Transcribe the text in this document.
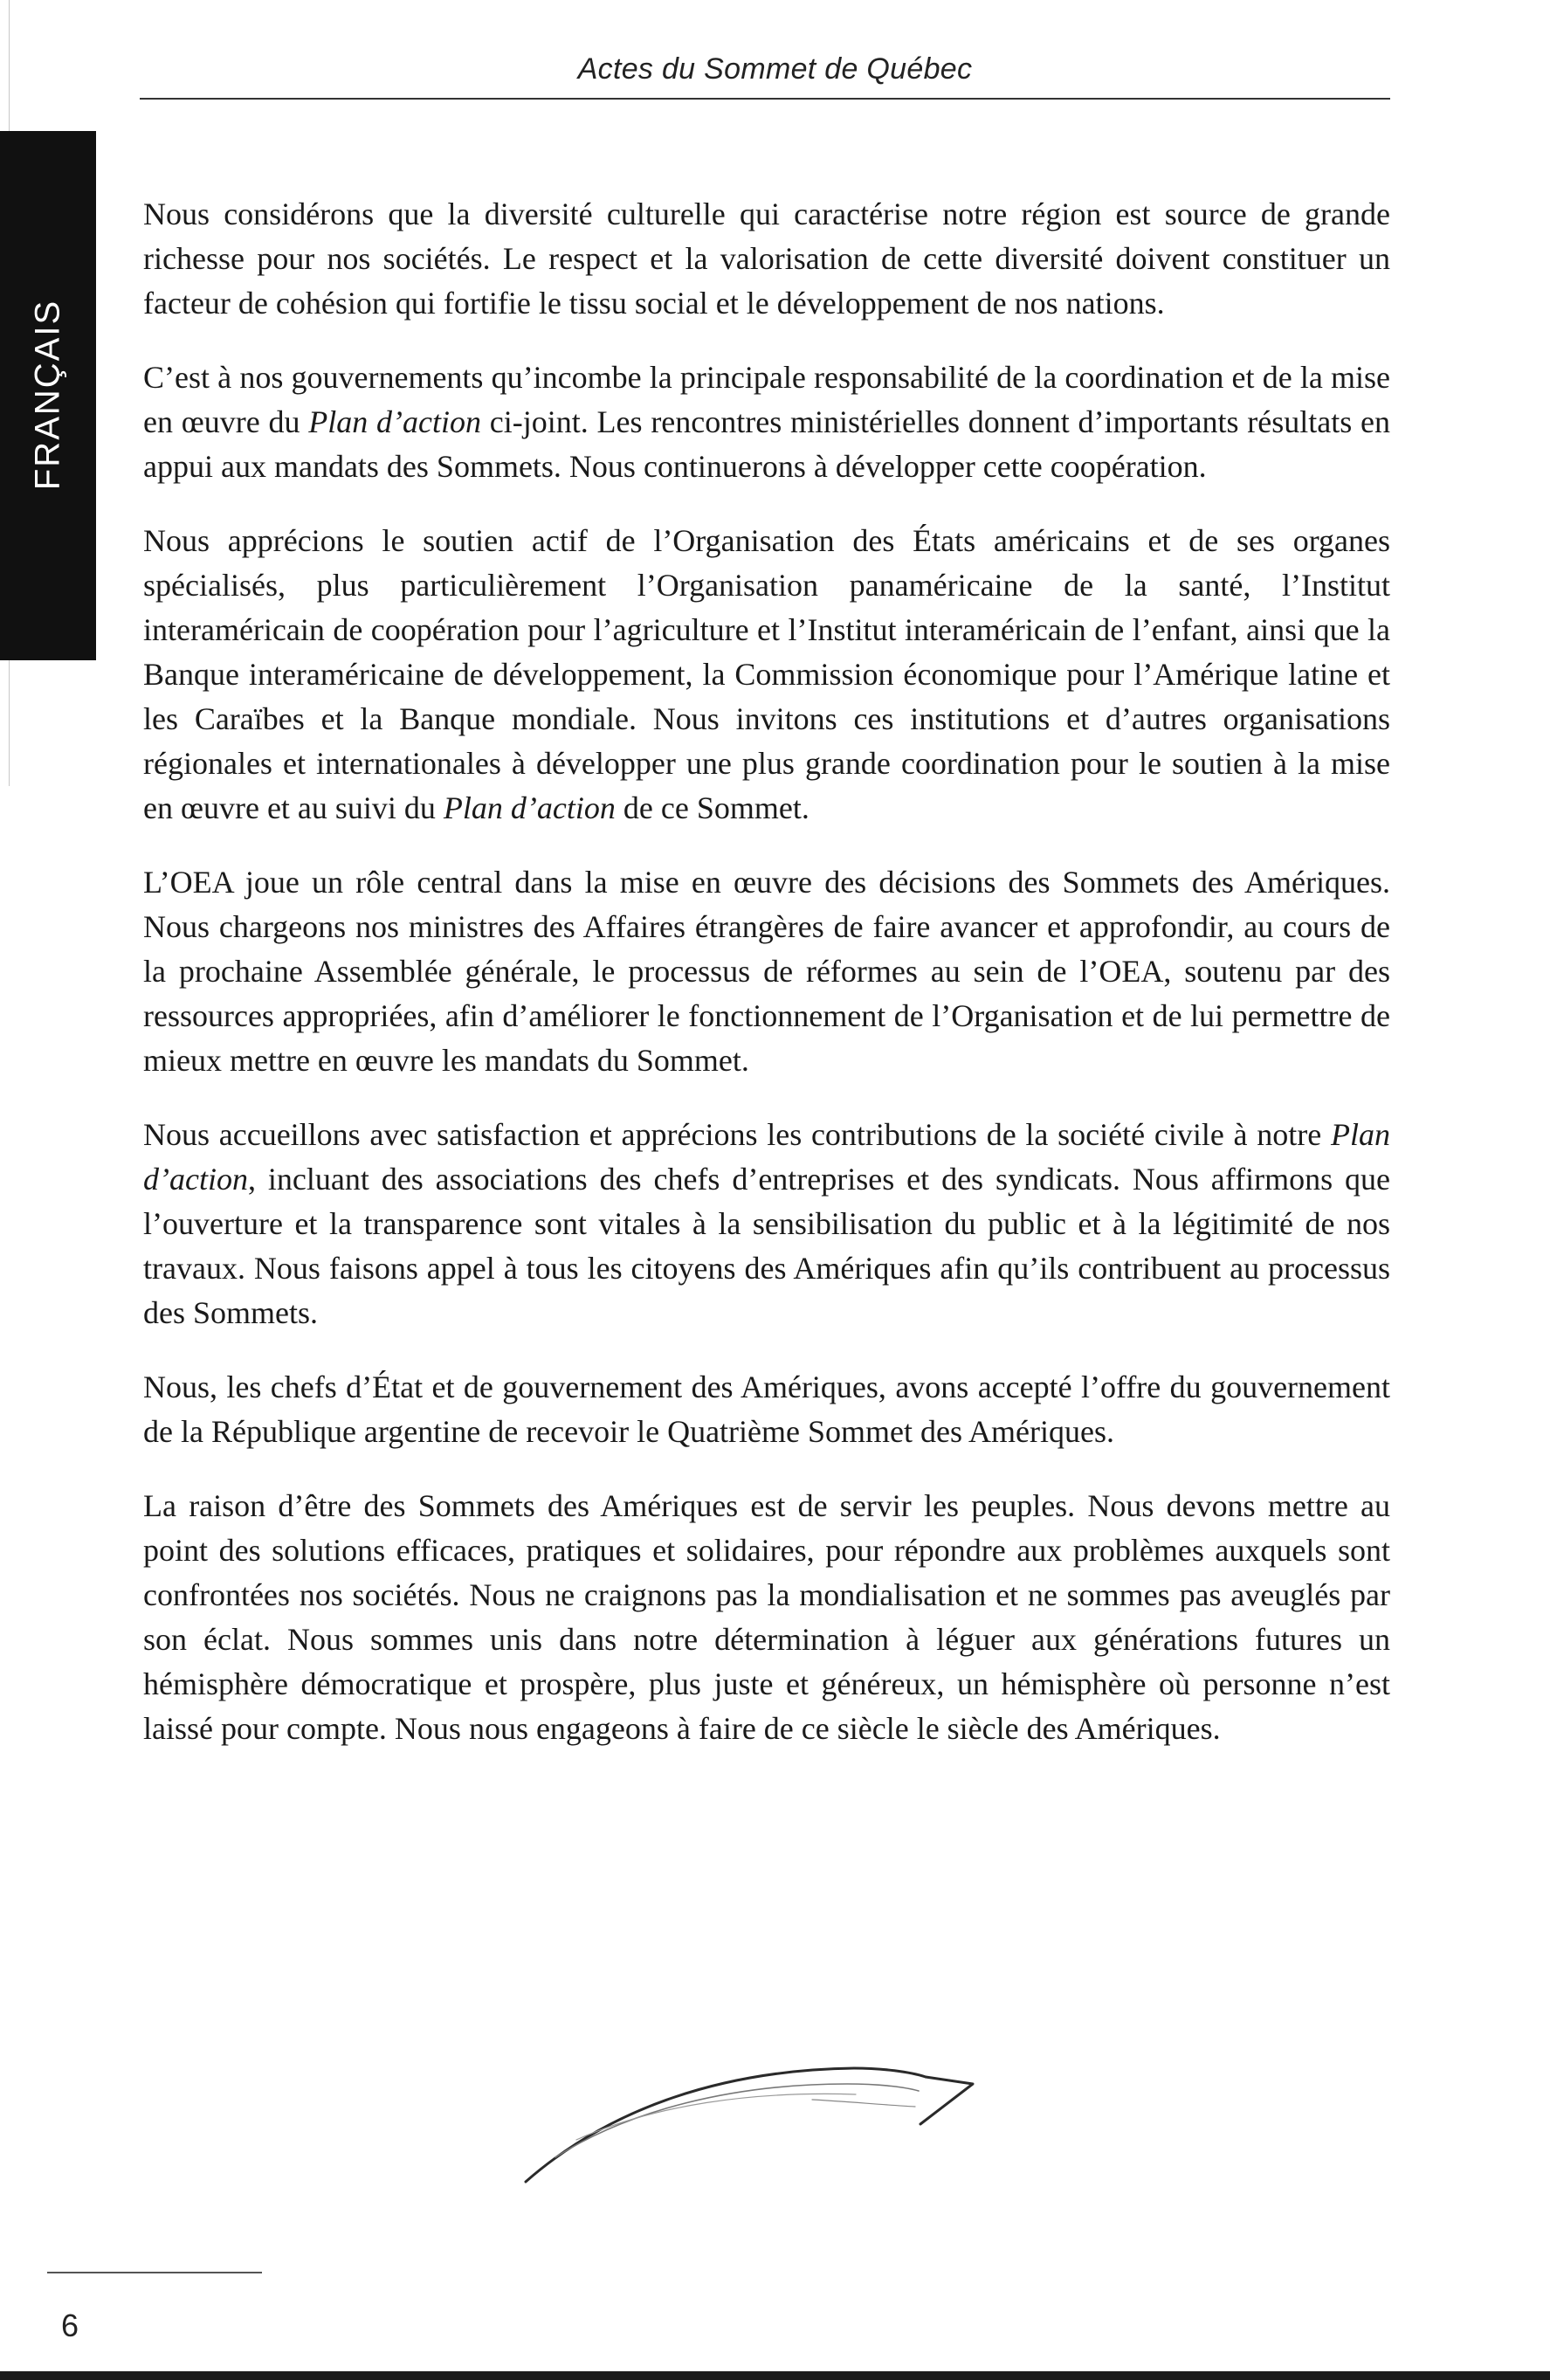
Actes du Sommet de Québec
FRANÇAIS

Nous considérons que la diversité culturelle qui caractérise notre région est source de grande richesse pour nos sociétés. Le respect et la valorisation de cette diversité doivent constituer un facteur de cohésion qui fortifie le tissu social et le développement de nos nations.

C’est à nos gouvernements qu’incombe la principale responsabilité de la coordination et de la mise en œuvre du Plan d’action ci-joint. Les rencontres ministérielles donnent d’importants résultats en appui aux mandats des Sommets. Nous continuerons à développer cette coopération.

Nous apprécions le soutien actif de l’Organisation des États américains et de ses organes spécialisés, plus particulièrement l’Organisation panaméricaine de la santé, l’Institut interaméricain de coopération pour l’agriculture et l’Institut interaméricain de l’enfant, ainsi que la Banque interaméricaine de développement, la Commission économique pour l’Amérique latine et les Caraïbes et la Banque mondiale. Nous invitons ces institutions et d’autres organisations régionales et internationales à développer une plus grande coordination pour le soutien à la mise en œuvre et au suivi du Plan d’action de ce Sommet.

L’OEA joue un rôle central dans la mise en œuvre des décisions des Sommets des Amériques. Nous chargeons nos ministres des Affaires étrangères de faire avancer et approfondir, au cours de la prochaine Assemblée générale, le processus de réformes au sein de l’OEA, soutenu par des ressources appropriées, afin d’améliorer le fonctionnement de l’Organisation et de lui permettre de mieux mettre en œuvre les mandats du Sommet.

Nous accueillons avec satisfaction et apprécions les contributions de la société civile à notre Plan d’action, incluant des associations des chefs d’entreprises et des syndicats. Nous affirmons que l’ouverture et la transparence sont vitales à la sensibilisation du public et à la légitimité de nos travaux. Nous faisons appel à tous les citoyens des Amériques afin qu’ils contribuent au processus des Sommets.

Nous, les chefs d’État et de gouvernement des Amériques, avons accepté l’offre du gouvernement de la République argentine de recevoir le Quatrième Sommet des Amériques.

La raison d’être des Sommets des Amériques est de servir les peuples. Nous devons mettre au point des solutions efficaces, pratiques et solidaires, pour répondre aux problèmes auxquels sont confrontées nos sociétés. Nous ne craignons pas la mondialisation et ne sommes pas aveuglés par son éclat. Nous sommes unis dans notre détermination à léguer aux générations futures un hémisphère démocratique et prospère, plus juste et généreux, un hémisphère où personne n’est laissé pour compte. Nous nous engageons à faire de ce siècle le siècle des Amériques.

6
